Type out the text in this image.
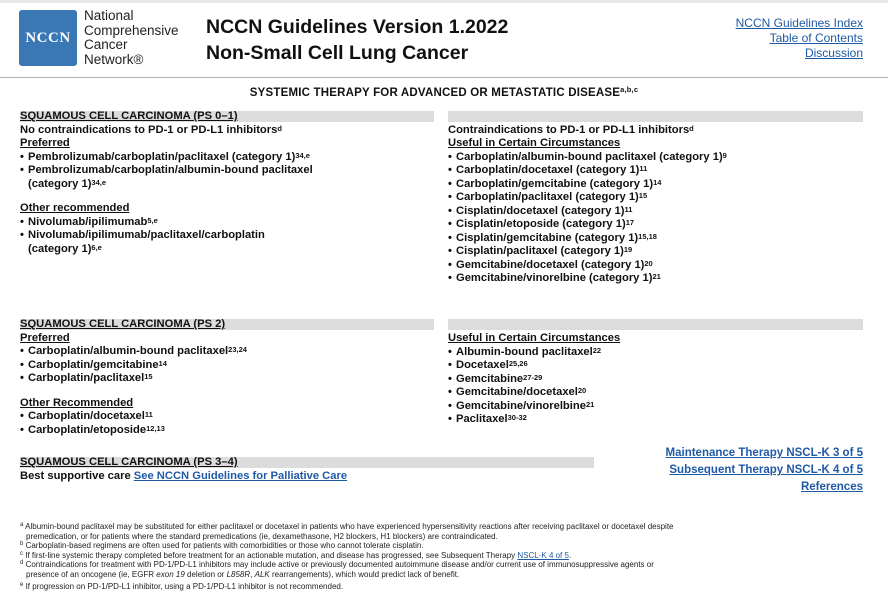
NCCN
National
Comprehensive
Cancer
Network®
NCCN Guidelines Version 1.2022
Non-Small Cell Lung Cancer
NCCN Guidelines Index
Table of Contents
Discussion
SYSTEMIC THERAPY FOR ADVANCED OR METASTATIC DISEASE$^{a,b,c}$
SQUAMOUS CELL CARCINOMA (PS 0–1)
No contraindications to PD-1 or PD-L1 inhibitors$^d$
Preferred
• Pembrolizumab/carboplatin/paclitaxel (category 1)$^{34,e}$
• Pembrolizumab/carboplatin/albumin-bound paclitaxel
(category 1)$^{34,e}$
Other recommended
• Nivolumab/ipilimumab$^{5,e}$
• Nivolumab/ipilimumab/paclitaxel/carboplatin
(category 1)$^{6,e}$
Contraindications to PD-1 or PD-L1 inhibitors$^d$
Useful in Certain Circumstances
• Carboplatin/albumin-bound paclitaxel (category 1)$^9$
• Carboplatin/docetaxel (category 1)$^{11}$
• Carboplatin/gemcitabine (category 1)$^{14}$
• Carboplatin/paclitaxel (category 1)$^{15}$
• Cisplatin/docetaxel (category 1)$^{11}$
• Cisplatin/etoposide (category 1)$^{17}$
• Cisplatin/gemcitabine (category 1)$^{15,18}$
• Cisplatin/paclitaxel (category 1)$^{19}$
• Gemcitabine/docetaxel (category 1)$^{20}$
• Gemcitabine/vinorelbine (category 1)$^{21}$
SQUAMOUS CELL CARCINOMA (PS 2)
Preferred
• Carboplatin/albumin-bound paclitaxel$^{23,24}$
• Carboplatin/gemcitabine$^{14}$
• Carboplatin/paclitaxel$^{15}$
Other Recommended
• Carboplatin/docetaxel$^{11}$
• Carboplatin/etoposide$^{12,13}$
Useful in Certain Circumstances
• Albumin-bound paclitaxel$^{22}$
• Docetaxel$^{25,26}$
• Gemcitabine$^{27-29}$
• Gemcitabine/docetaxel$^{20}$
• Gemcitabine/vinorelbine$^{21}$
• Paclitaxel$^{30-32}$
SQUAMOUS CELL CARCINOMA (PS 3–4)
Best supportive care See NCCN Guidelines for Palliative Care
Maintenance Therapy NSCL-K 3 of 5
Subsequent Therapy NSCL-K 4 of 5
References
$^a$ Albumin-bound paclitaxel may be substituted for either paclitaxel or docetaxel in patients who have experienced hypersensitivity reactions after receiving paclitaxel or docetaxel despite
premedication, or for patients where the standard premedications (ie, dexamethasone, H2 blockers, H1 blockers) are contraindicated.
$^b$ Carboplatin-based regimens are often used for patients with comorbidities or those who cannot tolerate cisplatin.
$^c$ If first-line systemic therapy completed before treatment for an actionable mutation, and disease has progressed, see Subsequent Therapy NSCL-K 4 of 5.
$^d$ Contraindications for treatment with PD-1/PD-L1 inhibitors may include active or previously documented autoimmune disease and/or current use of immunosuppressive agents or
presence of an oncogene (ie, EGFR exon 19 deletion or L858R, ALK rearrangements), which would predict lack of benefit.
$^e$ If progression on PD-1/PD-L1 inhibitor, using a PD-1/PD-L1 inhibitor is not recommended.
